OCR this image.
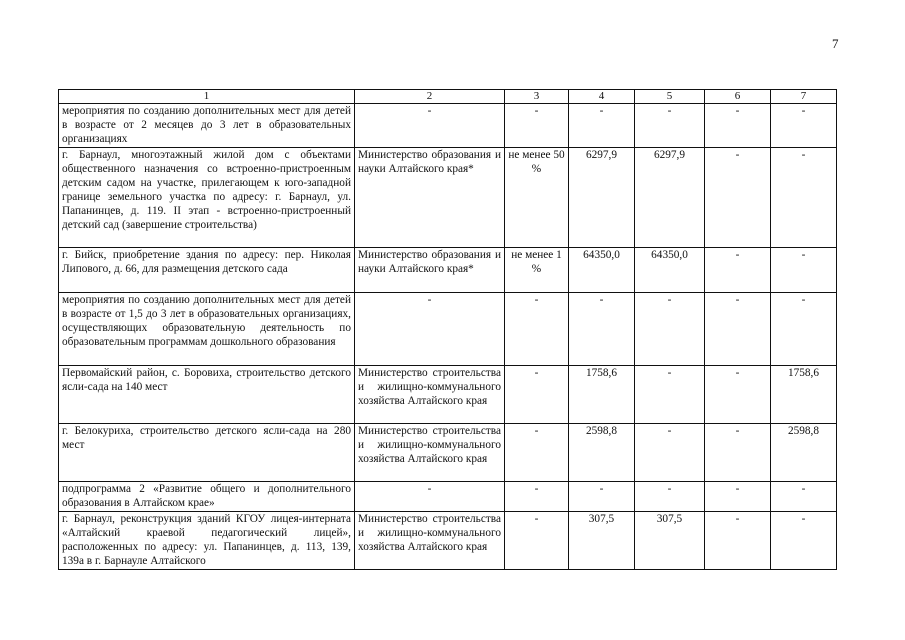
7
1	2	3	4	5	6	7
мероприятия по созданию дополнительных мест для детей в возрасте от 2 месяцев до 3 лет в образовательных организациях	-	-	-	-	-	-
г. Барнаул, многоэтажный жилой дом с объектами общественного назначения со встроенно-пристроенным детским садом на участке, прилегающем к юго-западной границе земельного участка по адресу: г. Барнаул, ул. Папанинцев, д. 119. II этап - встроенно-пристроенный детский сад (завершение строительства)	Министерство образования и науки Алтайского края*	не менее 50 %	6297,9	6297,9	-	-
г. Бийск, приобретение здания по адресу: пер. Николая Липового, д. 66, для размещения детского сада	Министерство образования и науки Алтайского края*	не менее 1 %	64350,0	64350,0	-	-
мероприятия по созданию дополнительных мест для детей в возрасте от 1,5 до 3 лет в образовательных организациях, осуществляющих образовательную деятельность по образовательным программам дошкольного образования	-	-	-	-	-	-
Первомайский район, с. Боровиха, строительство детского ясли-сада на 140 мест	Министерство строительства и жилищно-коммунального хозяйства Алтайского края	-	1758,6	-	-	1758,6
г. Белокуриха, строительство детского ясли-сада на 280 мест	Министерство строительства и жилищно-коммунального хозяйства Алтайского края	-	2598,8	-	-	2598,8
подпрограмма 2 «Развитие общего и дополнительного образования в Алтайском крае»	-	-	-	-	-	-
г. Барнаул, реконструкция зданий КГОУ лицея-интерната «Алтайский краевой педагогический лицей», расположенных по адресу: ул. Папанинцев, д. 113, 139, 139а в г. Барнауле Алтайского	Министерство строительства и жилищно-коммунального хозяйства Алтайского края	-	307,5	307,5	-	-
